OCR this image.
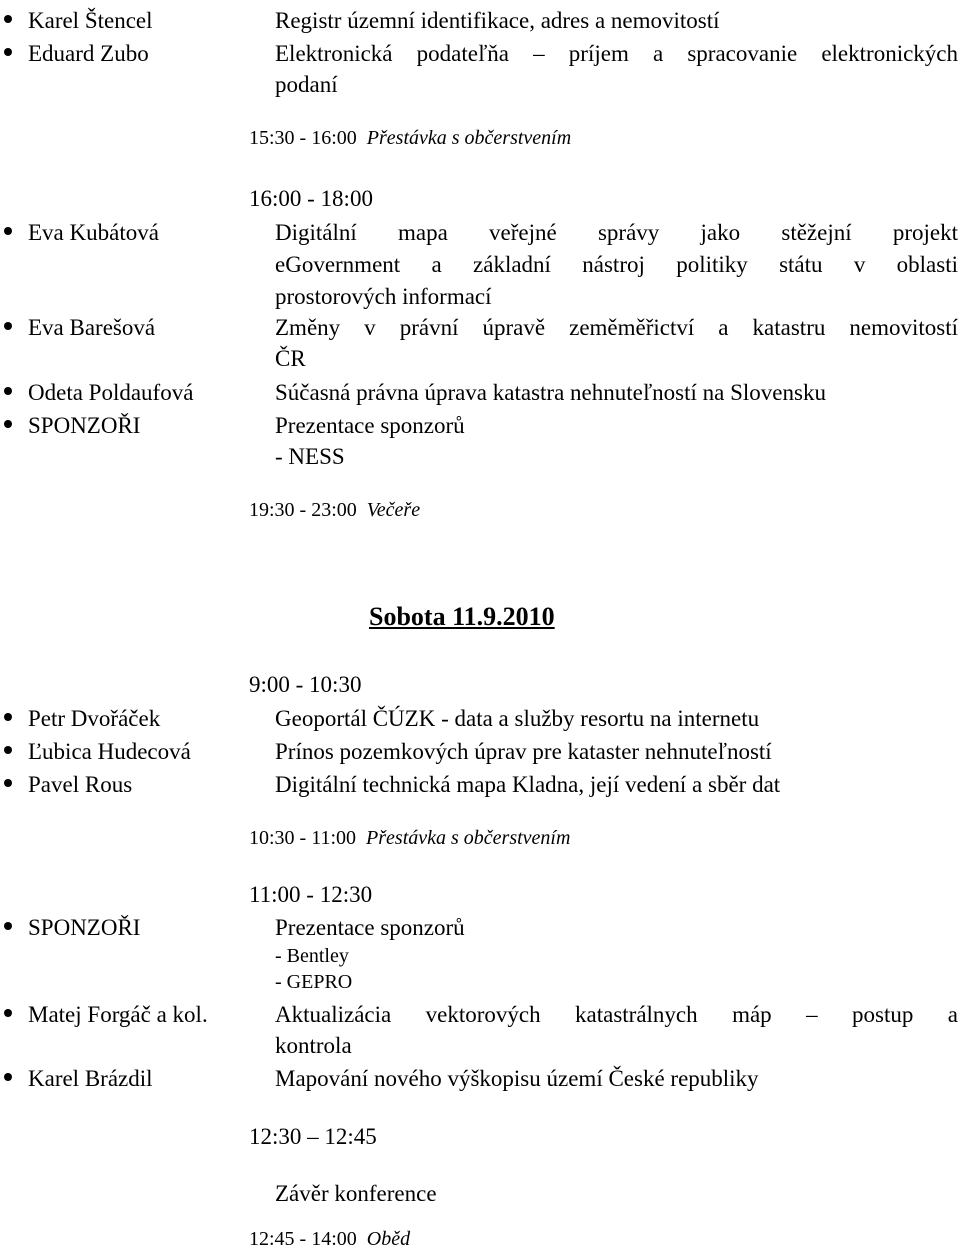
Karel Štencel	Registr územní identifikace, adres a nemovitostí
Eduard Zubo	Elektronická podateľňa – príjem a spracovanie elektronických
podaní
15:30 - 16:00 Přestávka s občerstvením
16:00 - 18:00
Eva Kubátová	Digitální mapa veřejné správy jako stěžejní projekt
eGovernment a základní nástroj politiky státu v oblasti
prostorových informací
Eva Barešová	Změny v právní úpravě zeměměřictví a katastru nemovitostí
ČR
Odeta Poldaufová	Súčasná právna úprava katastra nehnuteľností na Slovensku
SPONZOŘI	Prezentace sponzorů
- NESS
19:30 - 23:00 Večeře
Sobota 11.9.2010
9:00 - 10:30
Petr Dvořáček	Geoportál ČÚZK - data a služby resortu na internetu
Ľubica Hudecová	Prínos pozemkových úprav pre kataster nehnuteľností
Pavel Rous	Digitální technická mapa Kladna, její vedení a sběr dat
10:30 - 11:00 Přestávka s občerstvením
11:00 - 12:30
SPONZOŘI	Prezentace sponzorů
- Bentley
- GEPRO
Matej Forgáč a kol.	Aktualizácia vektorových katastrálnych máp – postup a
kontrola
Karel Brázdil	Mapování nového výškopisu území České republiky
12:30 – 12:45
Závěr konference
12:45 - 14:00 Oběd
